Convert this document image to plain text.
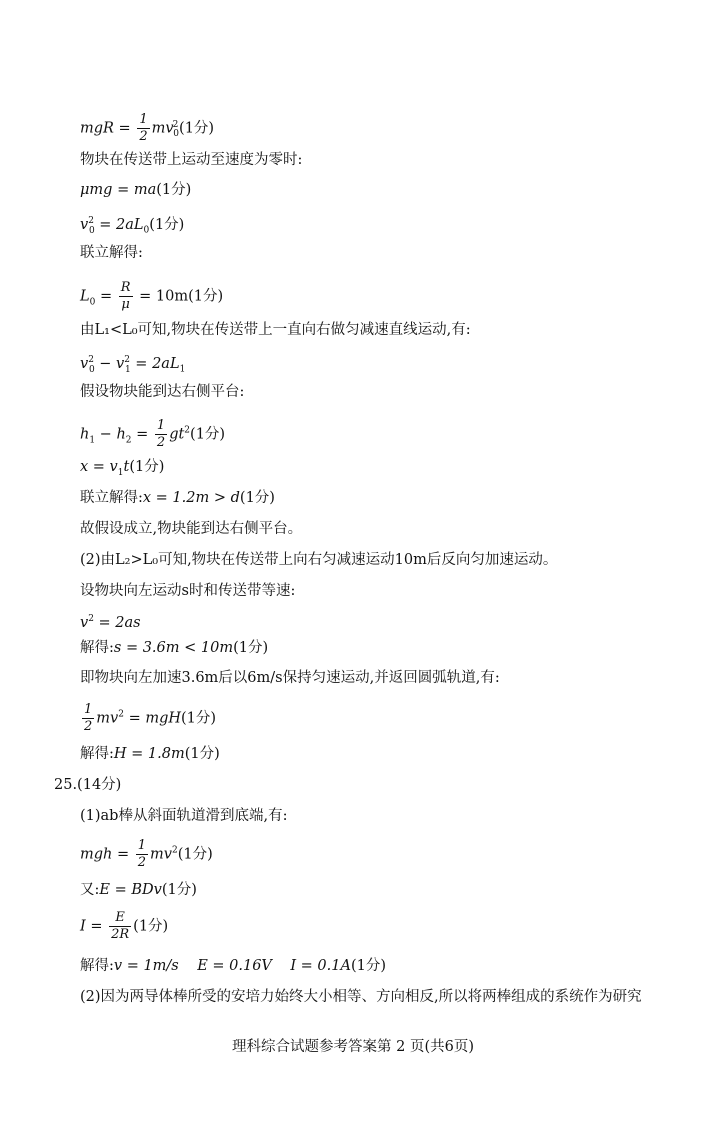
mgR = $\frac{1}{2} mv^2_0(1$分)
物块在传送带上运动至速度为零时:
μmg = ma(1分)
$v^2_0 = 2aL_0(1$分)
联立解得:
$L_0 = \frac{R}{\mu} = 10m(1$分)
由L₁<L₀可知,物块在传送带上一直向右做匀减速直线运动,有:
$v^2_0 - v^2_1 = 2aL_1$
假设物块能到达右侧平台:
$h_1 - h_2 = \frac{1}{2} gt^2(1$分)
$x = v_1t(1$分)
联立解得:x = 1.2m > d(1分)
故假设成立,物块能到达右侧平台。
(2)由L₂>L₀可知,物块在传送带上向右匀减速运动10m后反向匀加速运动。
设物块向左运动s时和传送带等速:
$v^2 = 2as$
解得:s = 3.6m < 10m(1分)
即物块向左加速3.6m后以6m/s保持匀速运动,并返回圆弧轨道,有:
$\frac{1}{2} mv^2 = mgH(1$分)
解得:H = 1.8m(1分)
25.(14分)
(1)ab棒从斜面轨道滑到底端,有:
mgh = $\frac{1}{2} mv^2(1$分)
又:E = BDv(1分)
$I = \frac{E}{2R} (1$分)
解得:v = 1m/s    E = 0.16V    I = 0.1A(1分)
(2)因为两导体棒所受的安培力始终大小相等、方向相反,所以将两棒组成的系统作为研究
理科综合试题参考答案第 2 页(共6页)
